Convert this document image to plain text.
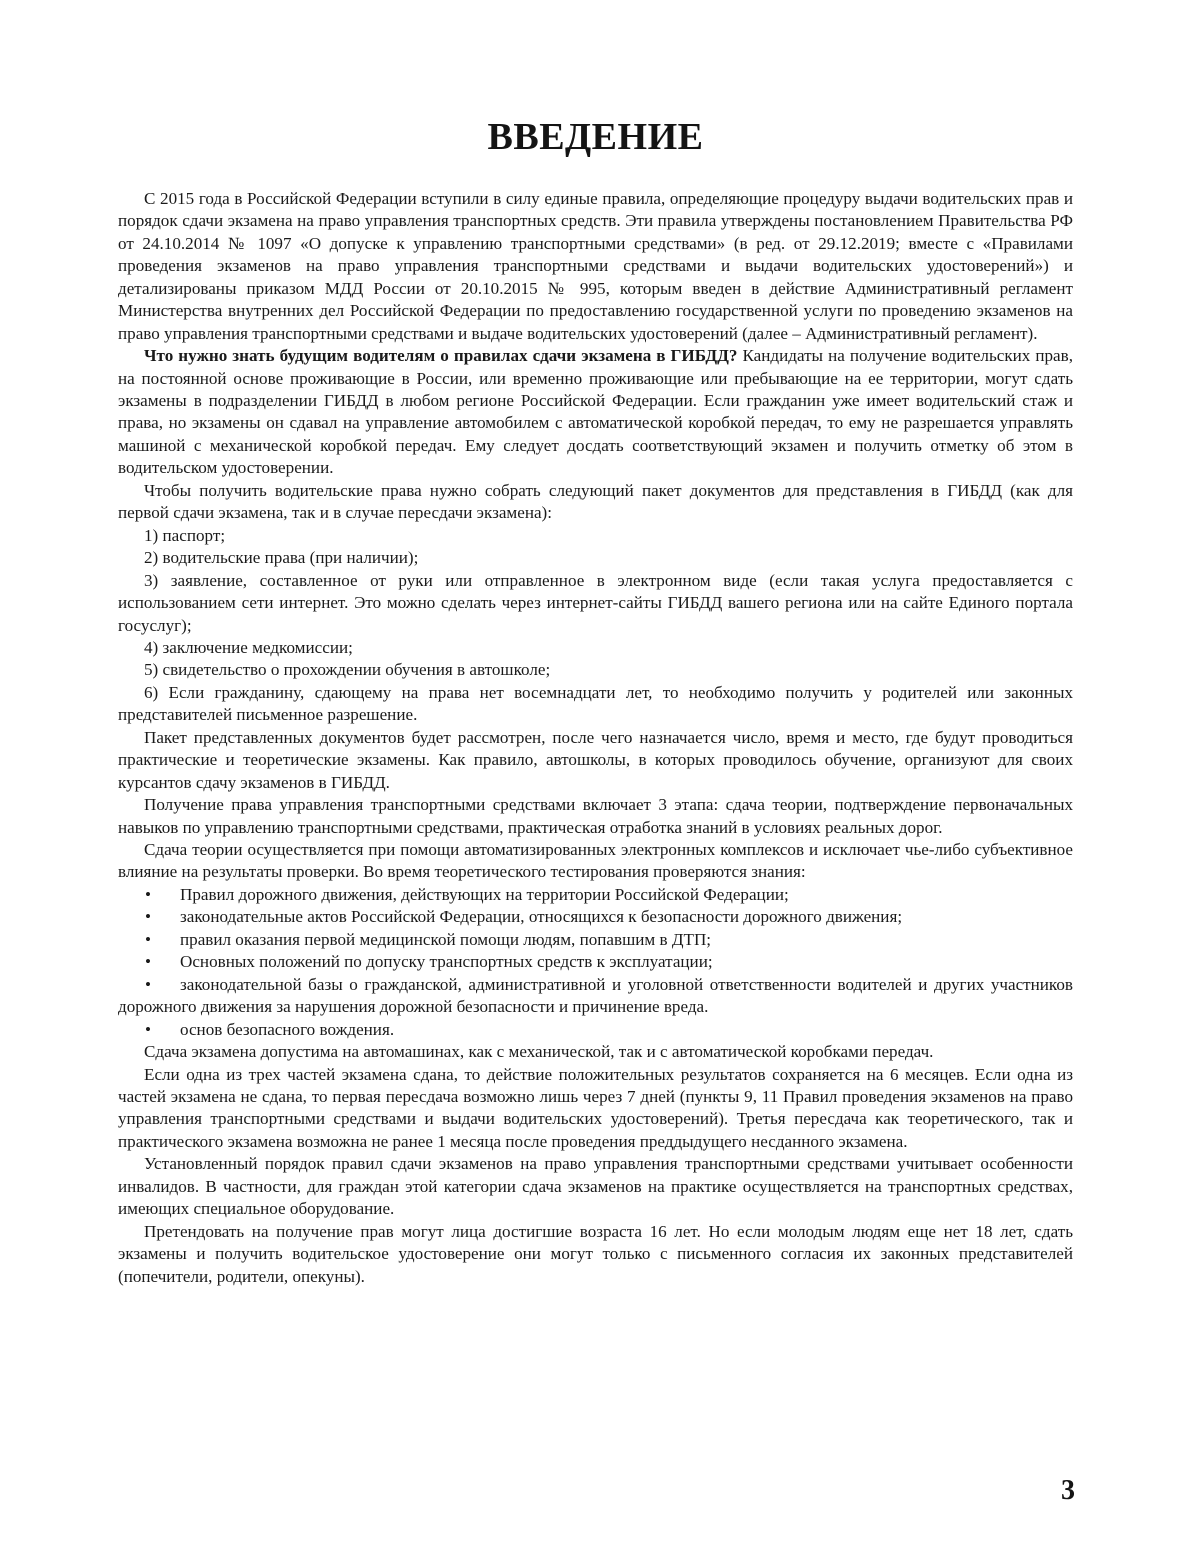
ВВЕДЕНИЕ

С 2015 года в Российской Федерации вступили в силу единые правила, определяющие процедуру выдачи водительских прав и порядок сдачи экзамена на право управления транспортных средств. Эти правила утверждены постановлением Правительства РФ от 24.10.2014 № 1097 «О допуске к управлению транспортными средствами» (в ред. от 29.12.2019; вместе с «Правилами проведения экзаменов на право управления транспортными средствами и выдачи водительских удостоверений») и детализированы приказом МДД России от 20.10.2015 № 995, которым введен в действие Административный регламент Министерства внутренних дел Российской Федерации по предоставлению государственной услуги по проведению экзаменов на право управления транспортными средствами и выдаче водительских удостоверений (далее – Административный регламент).

Что нужно знать будущим водителям о правилах сдачи экзамена в ГИБДД? Кандидаты на получение водительских прав, на постоянной основе проживающие в России, или временно проживающие или пребывающие на ее территории, могут сдать экзамены в подразделении ГИБДД в любом регионе Российской Федерации. Если гражданин уже имеет водительский стаж и права, но экзамены он сдавал на управление автомобилем с автоматической коробкой передач, то ему не разрешается управлять машиной с механической коробкой передач. Ему следует досдать соответствующий экзамен и получить отметку об этом в водительском удостоверении.

Чтобы получить водительские права нужно собрать следующий пакет документов для представления в ГИБДД (как для первой сдачи экзамена, так и в случае пересдачи экзамена):

1) паспорт;

2) водительские права (при наличии);

3) заявление, составленное от руки или отправленное в электронном виде (если такая услуга предоставляется с использованием сети интернет. Это можно сделать через интернет-сайты ГИБДД вашего региона или на сайте Единого портала госуслуг);

4) заключение медкомиссии;

5) свидетельство о прохождении обучения в автошколе;

6) Если гражданину, сдающему на права нет восемнадцати лет, то необходимо получить у родителей или законных представителей письменное разрешение.

Пакет представленных документов будет рассмотрен, после чего назначается число, время и место, где будут проводиться практические и теоретические экзамены. Как правило, автошколы, в которых проводилось обучение, организуют для своих курсантов сдачу экзаменов в ГИБДД.

Получение права управления транспортными средствами включает 3 этапа: сдача теории, подтверждение первоначальных навыков по управлению транспортными средствами, практическая отработка знаний в условиях реальных дорог.

Сдача теории осуществляется при помощи автоматизированных электронных комплексов и исключает чье-либо субъективное влияние на результаты проверки. Во время теоретического тестирования проверяются знания:

•	Правил дорожного движения, действующих на территории Российской Федерации;
•	законодательные актов Российской Федерации, относящихся к безопасности дорожного движения;
•	правил оказания первой медицинской помощи людям, попавшим в ДТП;
•	Основных положений по допуску транспортных средств к эксплуатации;
•	законодательной базы о гражданской, административной и уголовной ответственности водителей и других участников дорожного движения за нарушения дорожной безопасности и причинение вреда.
•	основ безопасного вождения.

Сдача экзамена допустима на автомашинах, как с механической, так и с автоматической коробками передач.

Если одна из трех частей экзамена сдана, то действие положительных результатов сохраняется на 6 месяцев. Если одна из частей экзамена не сдана, то первая пересдача возможно лишь через 7 дней (пункты 9, 11 Правил проведения экзаменов на право управления транспортными средствами и выдачи водительских удостоверений). Третья пересдача как теоретического, так и практического экзамена возможна не ранее 1 месяца после проведения преддыдущего несданного экзамена.

Установленный порядок правил сдачи экзаменов на право управления транспортными средствами учитывает особенности инвалидов. В частности, для граждан этой категории сдача экзаменов на практике осуществляется на транспортных средствах, имеющих специальное оборудование.

Претендовать на получение прав могут лица достигшие возраста 16 лет. Но если молодым людям еще нет 18 лет, сдать экзамены и получить водительское удостоверение они могут только с письменного согласия их законных представителей (попечители, родители, опекуны).

3
